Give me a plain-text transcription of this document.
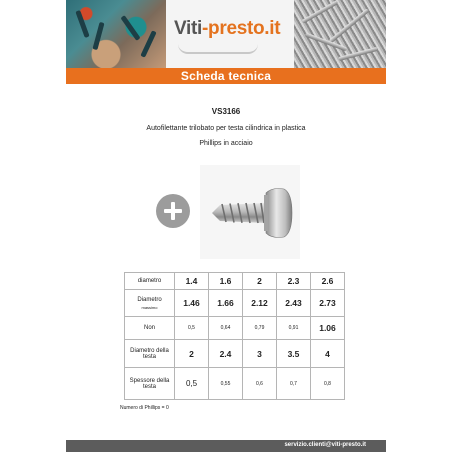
Viti-presto.it
Scheda tecnica
VS3166
Autofilettante trilobato per testa cilindrica in plastica
Phillips in acciaio
diametro	1.4	1.6	2	2.3	2.6
Diametro
massimo	1.46	1.66	2.12	2.43	2.73
Non	0,5	0,64	0,79	0,91	1.06
Diametro della testa	2	2.4	3	3.5	4
Spessore della testa	0,5	0,55	0,6	0,7	0,8
Numero di Phillips = 0
servizio.clienti@viti-presto.it
